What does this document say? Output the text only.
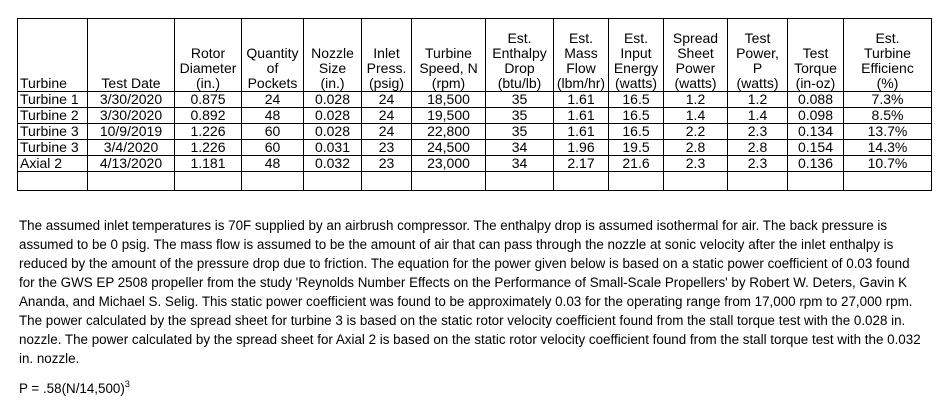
Turbine	Test Date	Rotor
Diameter
(in.)	Quantity
of
Pockets	Nozzle
Size
(in.)	Inlet
Press.
(psig)	Turbine
Speed, N
(rpm)	Est.
Enthalpy
Drop
(btu/lb)	Est.
Mass
Flow
(lbm/hr)	Est.
Input
Energy
(watts)	Spread
Sheet
Power
(watts)	Test
Power,
P
(watts)	Test
Torque
(in-oz)	Est.
Turbine
Efficienc
(%)

Turbine 1	3/30/2020	0.875	24	0.028	24	18,500	35	1.61	16.5	1.2	1.2	0.088	7.3%
Turbine 2	3/30/2020	0.892	48	0.028	24	19,500	35	1.61	16.5	1.4	1.4	0.098	8.5%
Turbine 3	10/9/2019	1.226	60	0.028	24	22,800	35	1.61	16.5	2.2	2.3	0.134	13.7%
Turbine 3	3/4/2020	1.226	60	0.031	23	24,500	34	1.96	19.5	2.8	2.8	0.154	14.3%
Axial 2	4/13/2020	1.181	48	0.032	23	23,000	34	2.17	21.6	2.3	2.3	0.136	10.7%

The assumed inlet temperatures is 70F supplied by an airbrush compressor. The enthalpy drop is assumed isothermal for air. The back pressure is assumed to be 0 psig. The mass flow is assumed to be the amount of air that can pass through the nozzle at sonic velocity after the inlet enthalpy is reduced by the amount of the pressure drop due to friction. The equation for the power given below is based on a static power coefficient of 0.03 found for the GWS EP 2508 propeller from the study 'Reynolds Number Effects on the Performance of Small-Scale Propellers' by Robert W. Deters, Gavin K Ananda, and Michael S. Selig. This static power coefficient was found to be approximately 0.03 for the operating range from 17,000 rpm to 27,000 rpm. The power calculated by the spread sheet for turbine 3 is based on the static rotor velocity coefficient found from the stall torque test with the 0.028 in. nozzle. The power calculated by the spread sheet for Axial 2 is based on the static rotor velocity coefficient found from the stall torque test with the 0.032 in. nozzle.

$P = .58(N/14,500)^3$
